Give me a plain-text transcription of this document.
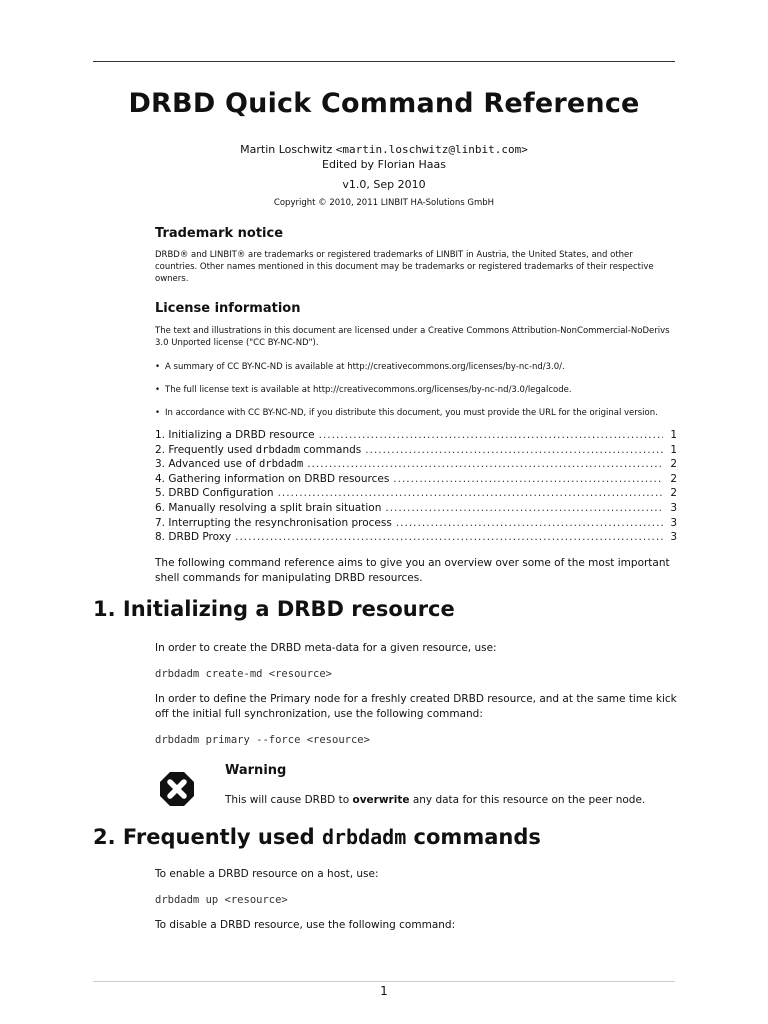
DRBD Quick Command Reference
Martin Loschwitz <martin.loschwitz@linbit.com>
Edited by Florian Haas
v1.0, Sep 2010
Copyright © 2010, 2011 LINBIT HA-Solutions GmbH

Trademark notice

DRBD® and LINBIT® are trademarks or registered trademarks of LINBIT in Austria, the United States, and other countries. Other names mentioned in this document may be trademarks or registered trademarks of their respective owners.

License information

The text and illustrations in this document are licensed under a Creative Commons Attribution-NonCommercial-NoDerivs 3.0 Unported license ("CC BY-NC-ND").

• A summary of CC BY-NC-ND is available at http://creativecommons.org/licenses/by-nc-nd/3.0/.

• The full license text is available at http://creativecommons.org/licenses/by-nc-nd/3.0/legalcode.

• In accordance with CC BY-NC-ND, if you distribute this document, you must provide the URL for the original version.

1. Initializing a DRBD resource .....	1
2. Frequently used drbdadm commands .....	1
3. Advanced use of drbdadm .....	2
4. Gathering information on DRBD resources .....	2
5. DRBD Configuration .....	2
6. Manually resolving a split brain situation .....	3
7. Interrupting the resynchronisation process .....	3
8. DRBD Proxy .....	3

The following command reference aims to give you an overview over some of the most important shell commands for manipulating DRBD resources.

1. Initializing a DRBD resource

In order to create the DRBD meta-data for a given resource, use:

drbdadm create-md <resource>

In order to define the Primary node for a freshly created DRBD resource, and at the same time kick off the initial full synchronization, use the following command:

drbdadm primary --force <resource>

Warning
This will cause DRBD to overwrite any data for this resource on the peer node.
2. Frequently used drbdadm commands

To enable a DRBD resource on a host, use:

drbdadm up <resource>

To disable a DRBD resource, use the following command:

1
